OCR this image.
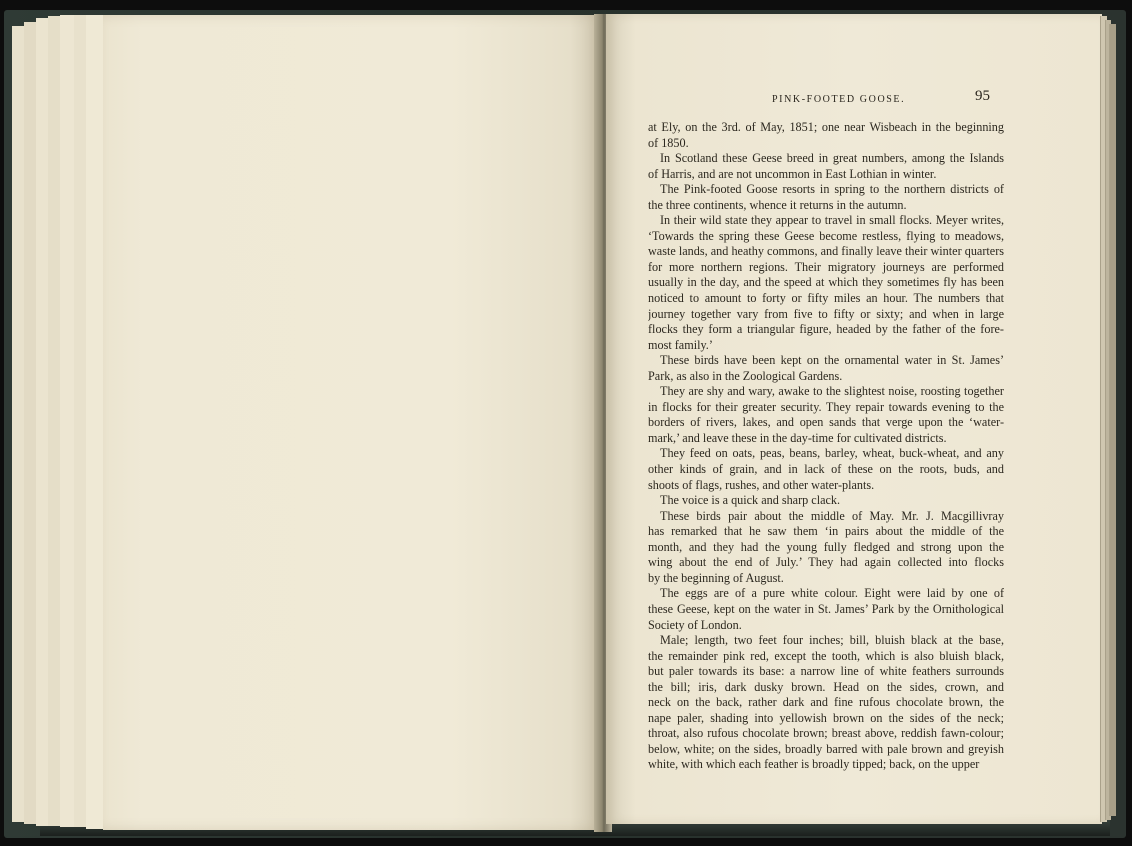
PINK-FOOTED GOOSE.	95

at Ely, on the 3rd. of May, 1851; one near Wisbeach in the beginning
of 1850.

In Scotland these Geese breed in great numbers, among the Islands
of Harris, and are not uncommon in East Lothian in winter.

The Pink-footed Goose resorts in spring to the northern districts of
the three continents, whence it returns in the autumn.

In their wild state they appear to travel in small flocks. Meyer writes,
‘Towards the spring these Geese become restless, flying to meadows,
waste lands, and heathy commons, and finally leave their winter quarters
for more northern regions. Their migratory journeys are performed
usually in the day, and the speed at which they sometimes fly has been
noticed to amount to forty or fifty miles an hour. The numbers that
journey together vary from five to fifty or sixty; and when in large
flocks they form a triangular figure, headed by the father of the fore-
most family.’

These birds have been kept on the ornamental water in St. James’
Park, as also in the Zoological Gardens.

They are shy and wary, awake to the slightest noise, roosting together
in flocks for their greater security. They repair towards evening to the
borders of rivers, lakes, and open sands that verge upon the ‘water-
mark,’ and leave these in the day-time for cultivated districts.

They feed on oats, peas, beans, barley, wheat, buck-wheat, and any
other kinds of grain, and in lack of these on the roots, buds, and
shoots of flags, rushes, and other water-plants.

The voice is a quick and sharp clack.

These birds pair about the middle of May. Mr. J. Macgillivray
has remarked that he saw them ‘in pairs about the middle of the
month, and they had the young fully fledged and strong upon the
wing about the end of July.’ They had again collected into flocks
by the beginning of August.

The eggs are of a pure white colour. Eight were laid by one of
these Geese, kept on the water in St. James’ Park by the Ornithological
Society of London.

Male; length, two feet four inches; bill, bluish black at the base,
the remainder pink red, except the tooth, which is also bluish black,
but paler towards its base: a narrow line of white feathers surrounds
the bill; iris, dark dusky brown. Head on the sides, crown, and
neck on the back, rather dark and fine rufous chocolate brown, the
nape paler, shading into yellowish brown on the sides of the neck;
throat, also rufous chocolate brown; breast above, reddish fawn-colour;
below, white; on the sides, broadly barred with pale brown and greyish
white, with which each feather is broadly tipped; back, on the upper
